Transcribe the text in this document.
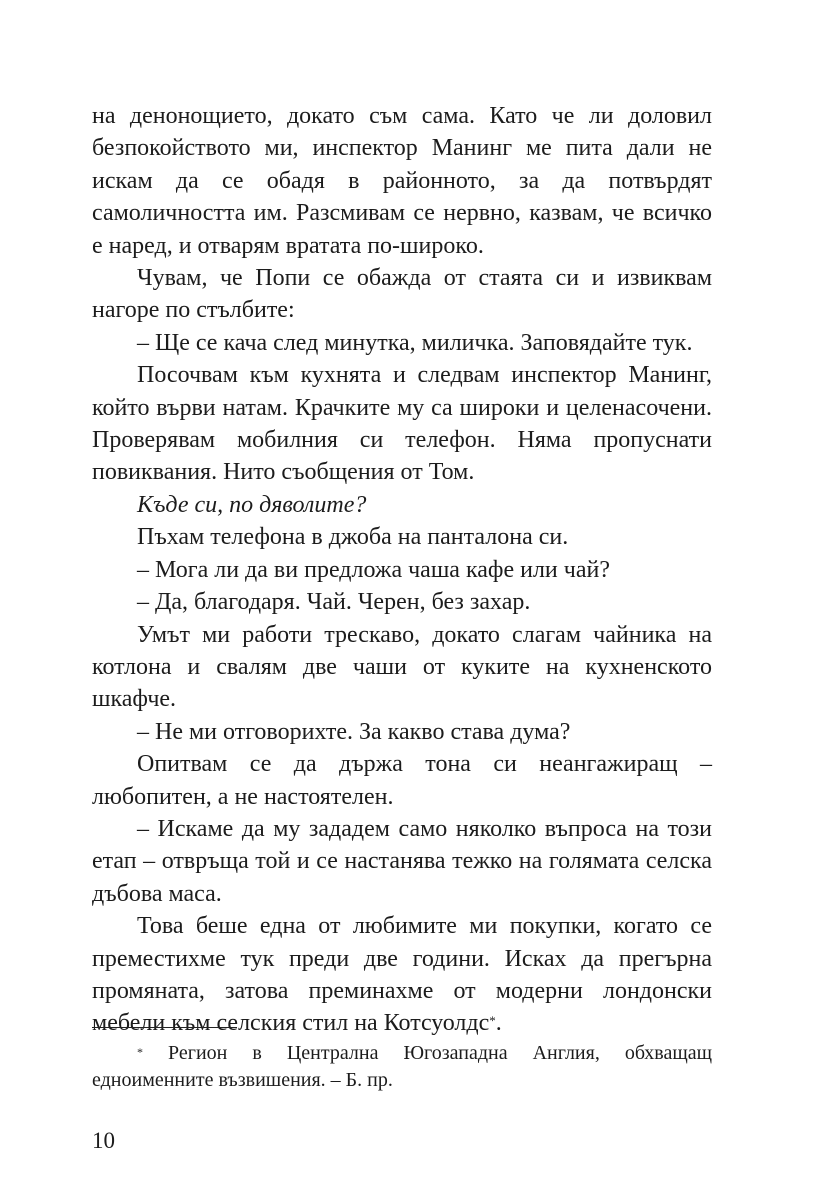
на денонощието, докато съм сама. Като че ли доловил безпокойството ми, инспектор Манинг ме пита дали не искам да се обадя в районното, за да потвърдят самоличността им. Разсмивам се нервно, казвам, че всичко е наред, и отварям вратата по-широко.

Чувам, че Попи се обажда от стаята си и извиквам нагоре по стълбите:

– Ще се кача след минутка, миличка. Заповядайте тук.

Посочвам към кухнята и следвам инспектор Манинг, който върви натам. Крачките му са широки и целенасочени. Проверявам мобилния си телефон. Няма пропуснати повиквания. Нито съобщения от Том.

Къде си, по дяволите?

Пъхам телефона в джоба на панталона си.

– Мога ли да ви предложа чаша кафе или чай?

– Да, благодаря. Чай. Черен, без захар.

Умът ми работи трескаво, докато слагам чайника на котлона и свалям две чаши от куките на кухненското шкафче.

– Не ми отговорихте. За какво става дума?

Опитвам се да държа тона си неангажиращ – любопитен, а не настоятелен.

– Искаме да му зададем само няколко въпроса на този етап – отвръща той и се настанява тежко на голямата селска дъбова маса.

Това беше една от любимите ми покупки, когато се преместихме тук преди две години. Исках да прегърна промяната, затова преминахме от модерни лондонски мебели към селския стил на Котсуолдс*.

* Регион в Централна Югозападна Англия, обхващащ едноименните възвишения. – Б. пр.

10
